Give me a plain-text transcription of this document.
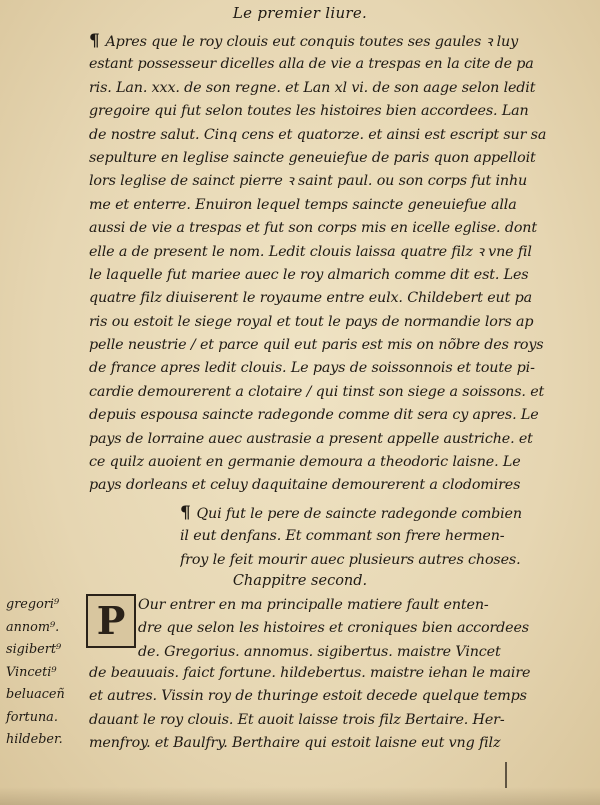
Le premier liure.
¶ Apres que le roy clouis eut conquis toutes ses gaules ꝛ luy
estant possesseur dicelles alla de vie a trespas en la cite de pa
ris. Lan. xxx. de son regne. et Lan xl vi. de son aage selon ledit
gregoire qui fut selon toutes les histoires bien accordees. Lan
de nostre salut. Cinq cens et quatorze. et ainsi est escript sur sa
sepulture en leglise saincte geneuiefue de paris quon appelloit
lors leglise de sainct pierre ꝛ saint paul. ou son corps fut inhu
me et enterre. Enuiron lequel temps saincte geneuiefue alla
aussi de vie a trespas et fut son corps mis en icelle eglise. dont
elle a de present le nom. Ledit clouis laissa quatre filz ꝛ vne fil
le laquelle fut mariee auec le roy almarich comme dit est. Les
quatre filz diuiserent le royaume entre eulx. Childebert eut pa
ris ou estoit le siege royal et tout le pays de normandie lors ap
pelle neustrie / et parce quil eut paris est mis on nõbre des roys
de france apres ledit clouis. Le pays de soissonnois et toute pi-
cardie demourerent a clotaire / qui tinst son siege a soissons. et
depuis espousa saincte radegonde comme dit sera cy apres. Le
pays de lorraine auec austrasie a present appelle austriche. et
ce quilz auoient en germanie demoura a theodoric laisne. Le
pays dorleans et celuy daquitaine demourerent a clodomires
¶ Qui fut le pere de saincte radegonde combien
il eut denfans. Et commant son frere hermen-
froy le feit mourir auec plusieurs autres choses.
Chappitre second.
P
gregori⁹
annom⁹.
sigibert⁹
Vinceti⁹
beluaceñ
fortuna.
hildeber.
Our entrer en ma principalle matiere fault enten-
dre que selon les histoires et croniques bien accordees
de. Gregorius. annomus. sigibertus. maistre Vincet
de beauuais. faict fortune. hildebertus. maistre iehan le maire
et autres. Vissin roy de thuringe estoit decede quelque temps
dauant le roy clouis. Et auoit laisse trois filz Bertaire. Her-
menfroy. et Baulfry. Berthaire qui estoit laisne eut vng filz
